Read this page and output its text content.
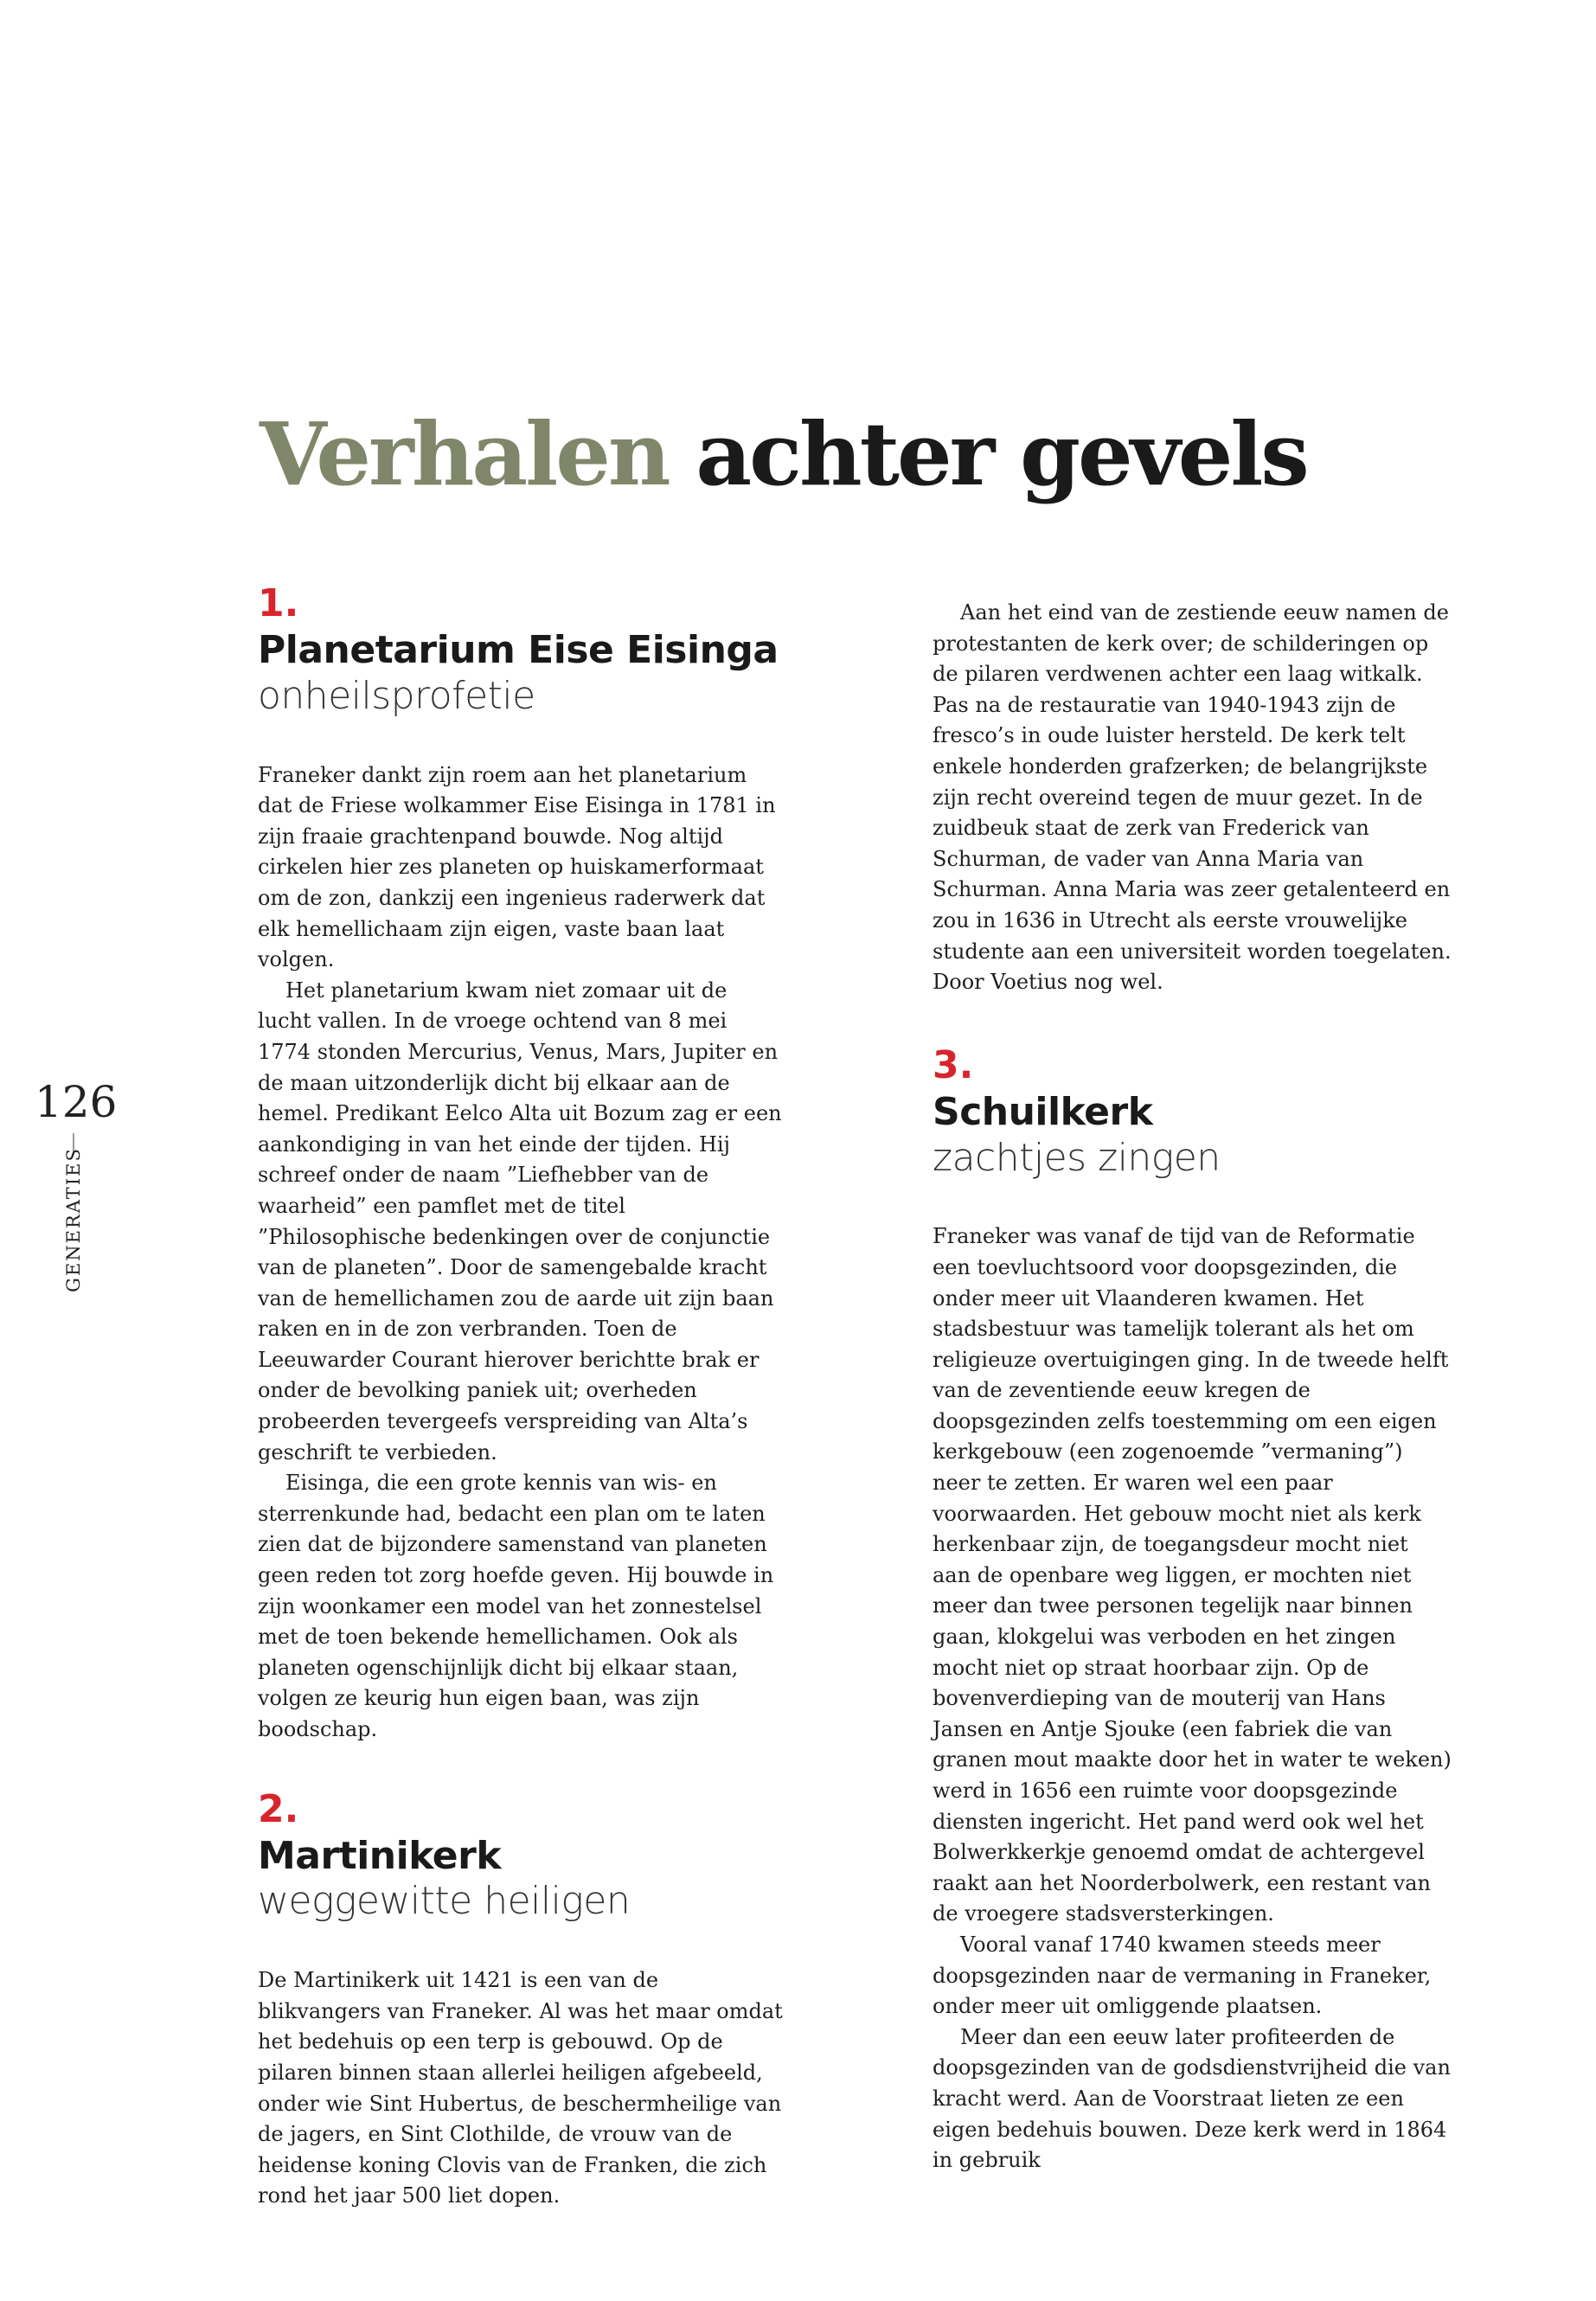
Verhalen achter gevels
126
GENERATIES
1.
Planetarium Eise Eisinga
onheilsprofetie

Franeker dankt zijn roem aan het planetarium dat de Friese wolkammer Eise Eisinga in 1781 in zijn fraaie grachtenpand bouwde. Nog altijd cirkelen hier zes planeten op huiskamerformaat om de zon, dankzij een ingenieus raderwerk dat elk hemellichaam zijn eigen, vaste baan laat volgen.

Het planetarium kwam niet zomaar uit de lucht vallen. In de vroege ochtend van 8 mei 1774 stonden Mercurius, Venus, Mars, Jupiter en de maan uitzonderlijk dicht bij elkaar aan de hemel. Predikant Eelco Alta uit Bozum zag er een aankondiging in van het einde der tijden. Hij schreef onder de naam ”Liefhebber van de waarheid” een pamflet met de titel ”Philosophische bedenkingen over de conjunctie van de planeten”. Door de samengebalde kracht van de hemellichamen zou de aarde uit zijn baan raken en in de zon verbranden. Toen de Leeuwarder Courant hierover berichtte brak er onder de bevolking paniek uit; overheden probeerden tevergeefs verspreiding van Alta’s geschrift te verbieden.

Eisinga, die een grote kennis van wis- en sterrenkunde had, bedacht een plan om te laten zien dat de bijzondere samenstand van planeten geen reden tot zorg hoefde geven. Hij bouwde in zijn woonkamer een model van het zonnestelsel met de toen bekende hemellichamen. Ook als planeten ogenschijnlijk dicht bij elkaar staan, volgen ze keurig hun eigen baan, was zijn boodschap.

2.
Martinikerk
weggewitte heiligen

De Martinikerk uit 1421 is een van de blikvangers van Franeker. Al was het maar omdat het bedehuis op een terp is gebouwd. Op de pilaren binnen staan allerlei heiligen afgebeeld, onder wie Sint Hubertus, de beschermheilige van de jagers, en Sint Clothilde, de vrouw van de heidense koning Clovis van de Franken, die zich rond het jaar 500 liet dopen.

Aan het eind van de zestiende eeuw namen de protestanten de kerk over; de schilderingen op de pilaren verdwenen achter een laag witkalk. Pas na de restauratie van 1940-1943 zijn de fresco’s in oude luister hersteld. De kerk telt enkele honderden grafzerken; de belangrijkste zijn recht overeind tegen de muur gezet. In de zuidbeuk staat de zerk van Frederick van Schurman, de vader van Anna Maria van Schurman. Anna Maria was zeer getalenteerd en zou in 1636 in Utrecht als eerste vrouwelijke studente aan een universiteit worden toegelaten. Door Voetius nog wel.

3.
Schuilkerk
zachtjes zingen

Franeker was vanaf de tijd van de Reformatie een toevluchtsoord voor doopsgezinden, die onder meer uit Vlaanderen kwamen. Het stadsbestuur was tamelijk tolerant als het om religieuze overtuigingen ging. In de tweede helft van de zeventiende eeuw kregen de doopsgezinden zelfs toestemming om een eigen kerkgebouw (een zogenoemde ”vermaning”) neer te zetten. Er waren wel een paar voorwaarden. Het gebouw mocht niet als kerk herkenbaar zijn, de toegangsdeur mocht niet aan de openbare weg liggen, er mochten niet meer dan twee personen tegelijk naar binnen gaan, klokgelui was verboden en het zingen mocht niet op straat hoorbaar zijn. Op de bovenverdieping van de mouterij van Hans Jansen en Antje Sjouke (een fabriek die van granen mout maakte door het in water te weken) werd in 1656 een ruimte voor doopsgezinde diensten ingericht. Het pand werd ook wel het Bolwerkkerkje genoemd omdat de achtergevel raakt aan het Noorderbolwerk, een restant van de vroegere stadsversterkingen.

Vooral vanaf 1740 kwamen steeds meer doopsgezinden naar de vermaning in Franeker, onder meer uit omliggende plaatsen.

Meer dan een eeuw later profiteerden de doopsgezinden van de godsdienstvrijheid die van kracht werd. Aan de Voorstraat lieten ze een eigen bedehuis bouwen. Deze kerk werd in 1864 in gebruik
